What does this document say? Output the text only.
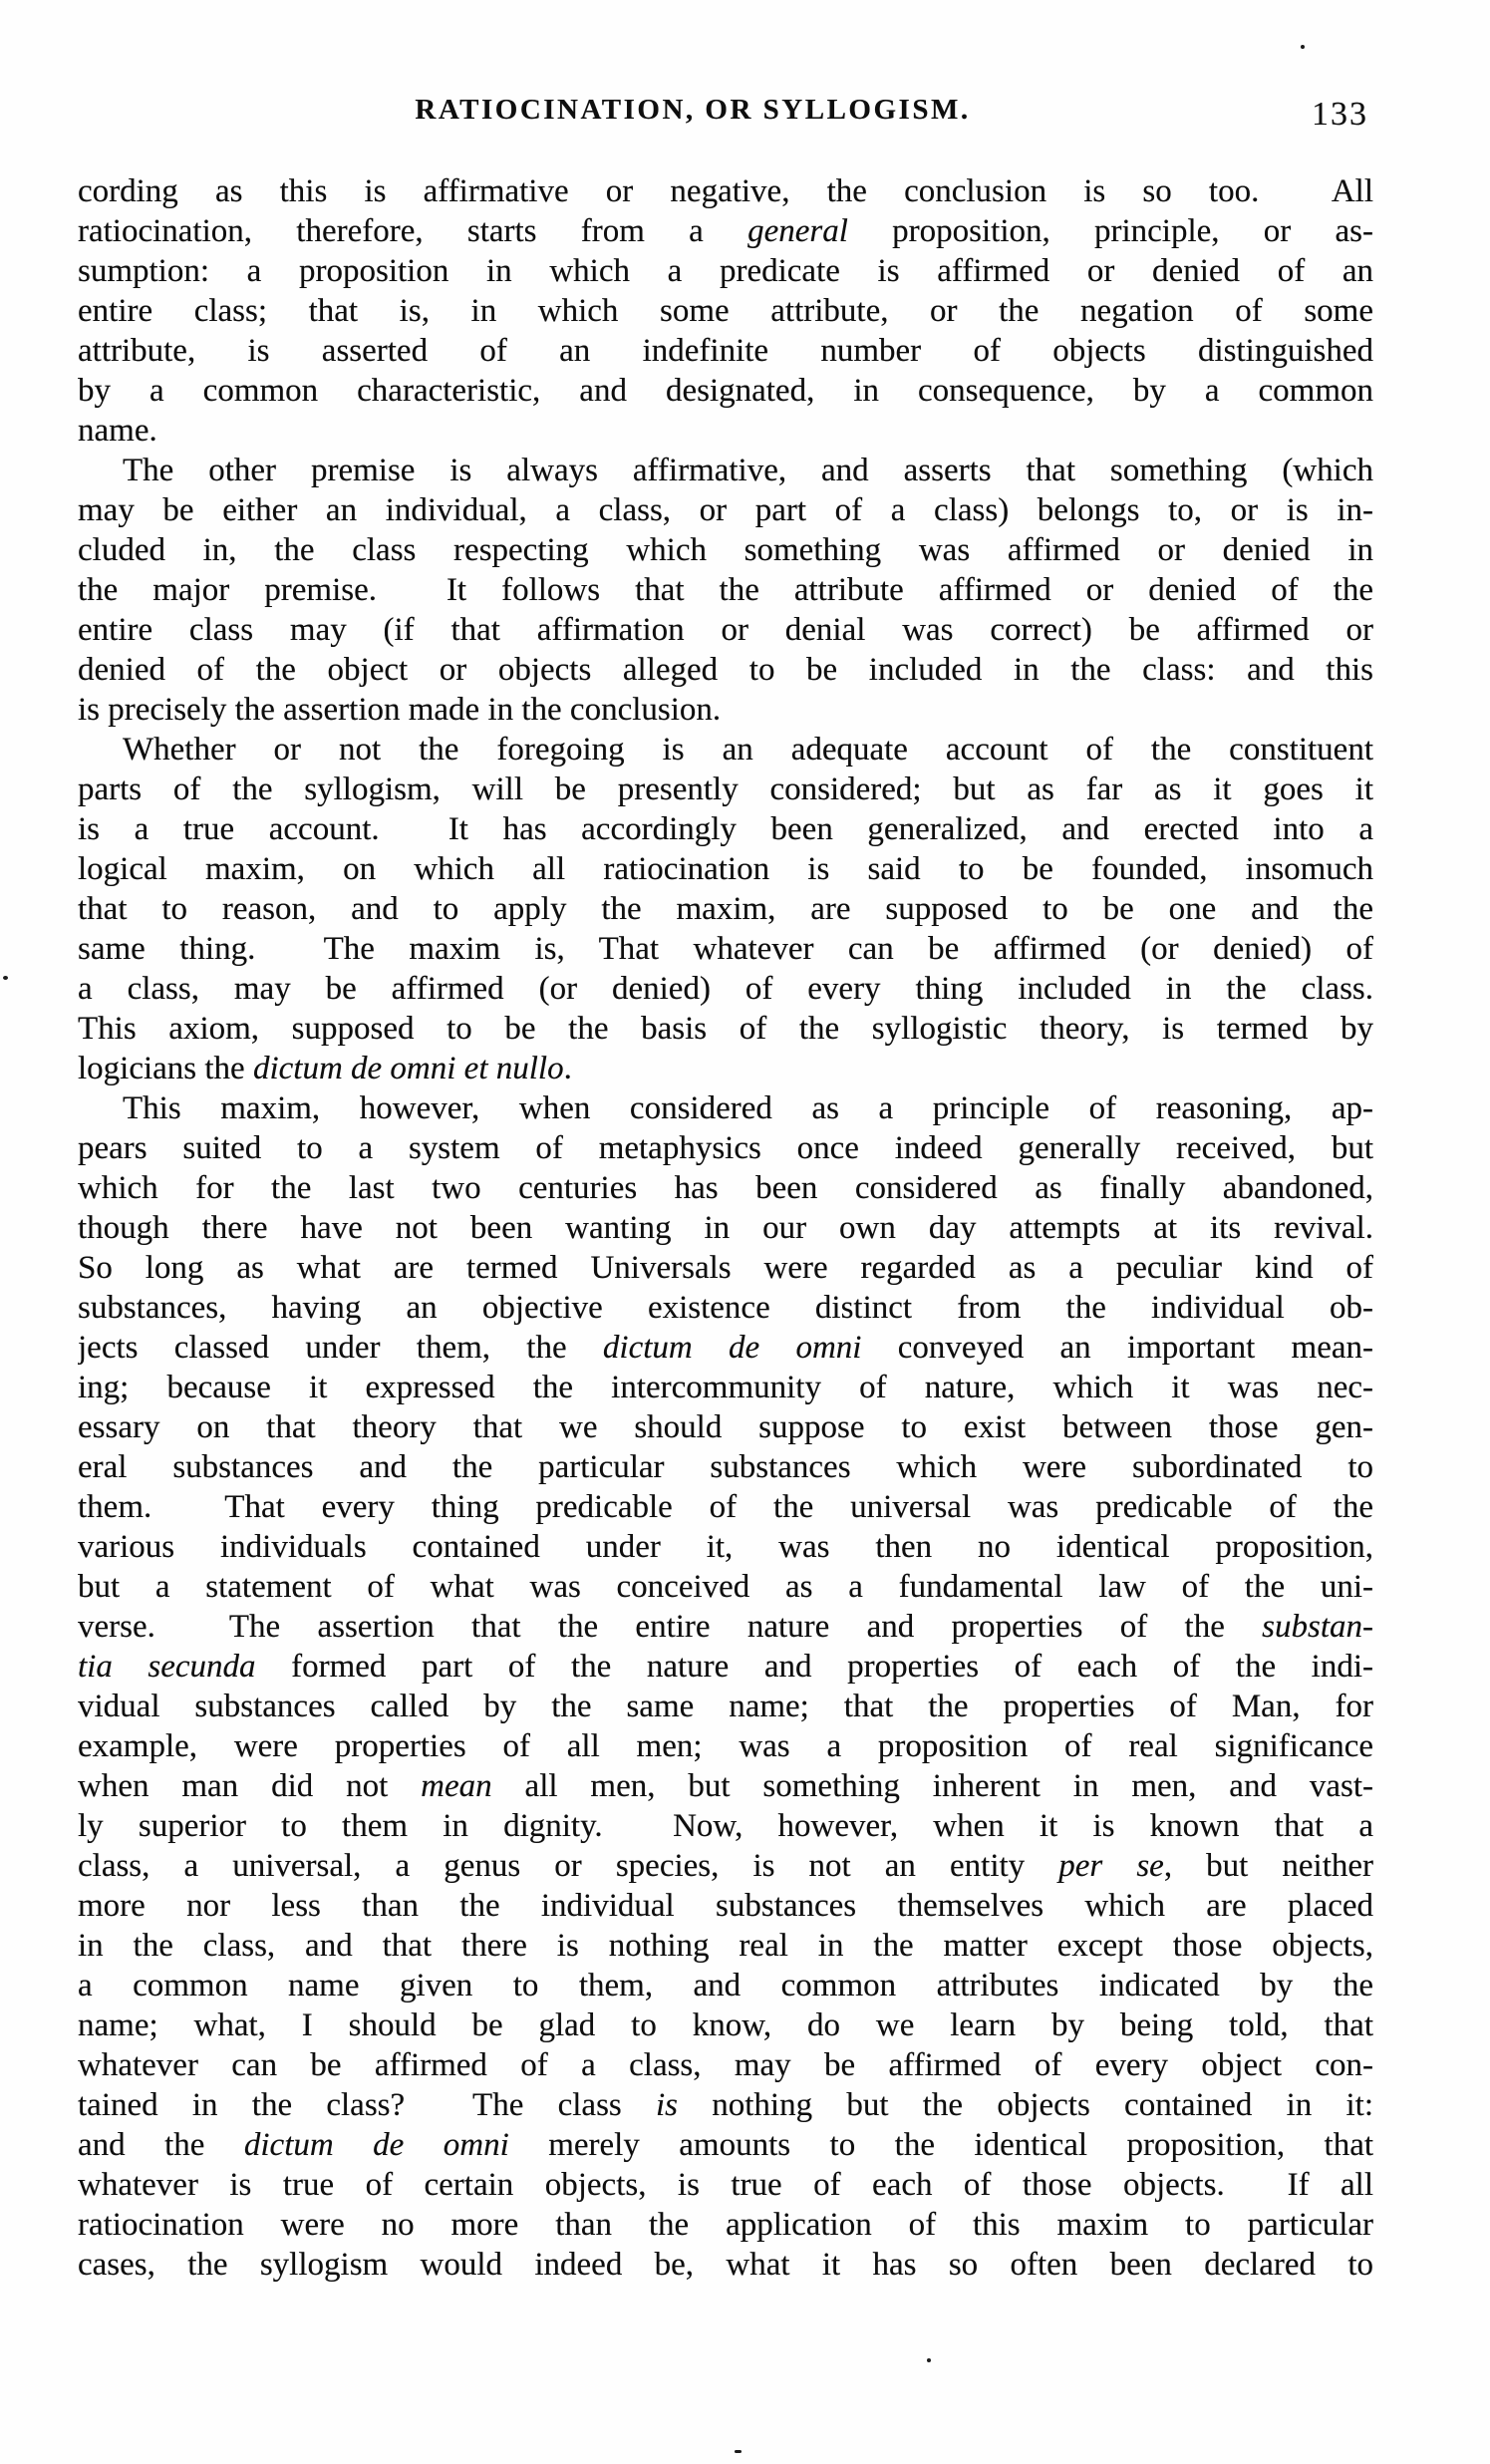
RATIOCINATION, OR SYLLOGISM.	133
cording as this is affirmative or negative, the conclusion is so too.  All
ratiocination, therefore, starts from a general proposition, principle, or as-
sumption: a proposition in which a predicate is affirmed or denied of an
entire class; that is, in which some attribute, or the negation of some
attribute, is asserted of an indefinite number of objects distinguished
by a common characteristic, and designated, in consequence, by a common
name.
The other premise is always affirmative, and asserts that something (which
may be either an individual, a class, or part of a class) belongs to, or is in-
cluded in, the class respecting which something was affirmed or denied in
the major premise.  It follows that the attribute affirmed or denied of the
entire class may (if that affirmation or denial was correct) be affirmed or
denied of the object or objects alleged to be included in the class: and this
is precisely the assertion made in the conclusion.
Whether or not the foregoing is an adequate account of the constituent
parts of the syllogism, will be presently considered; but as far as it goes it
is a true account.  It has accordingly been generalized, and erected into a
logical maxim, on which all ratiocination is said to be founded, insomuch
that to reason, and to apply the maxim, are supposed to be one and the
same thing.  The maxim is, That whatever can be affirmed (or denied) of
a class, may be affirmed (or denied) of every thing included in the class.
This axiom, supposed to be the basis of the syllogistic theory, is termed by
logicians the dictum de omni et nullo.
This maxim, however, when considered as a principle of reasoning, ap-
pears suited to a system of metaphysics once indeed generally received, but
which for the last two centuries has been considered as finally abandoned,
though there have not been wanting in our own day attempts at its revival.
So long as what are termed Universals were regarded as a peculiar kind of
substances, having an objective existence distinct from the individual ob-
jects classed under them, the dictum de omni conveyed an important mean-
ing; because it expressed the intercommunity of nature, which it was nec-
essary on that theory that we should suppose to exist between those gen-
eral substances and the particular substances which were subordinated to
them.  That every thing predicable of the universal was predicable of the
various individuals contained under it, was then no identical proposition,
but a statement of what was conceived as a fundamental law of the uni-
verse.  The assertion that the entire nature and properties of the substan-
tia secunda formed part of the nature and properties of each of the indi-
vidual substances called by the same name; that the properties of Man, for
example, were properties of all men; was a proposition of real significance
when man did not mean all men, but something inherent in men, and vast-
ly superior to them in dignity.  Now, however, when it is known that a
class, a universal, a genus or species, is not an entity per se, but neither
more nor less than the individual substances themselves which are placed
in the class, and that there is nothing real in the matter except those objects,
a common name given to them, and common attributes indicated by the
name; what, I should be glad to know, do we learn by being told, that
whatever can be affirmed of a class, may be affirmed of every object con-
tained in the class?  The class is nothing but the objects contained in it:
and the dictum de omni merely amounts to the identical proposition, that
whatever is true of certain objects, is true of each of those objects.  If all
ratiocination were no more than the application of this maxim to particular
cases, the syllogism would indeed be, what it has so often been declared to
